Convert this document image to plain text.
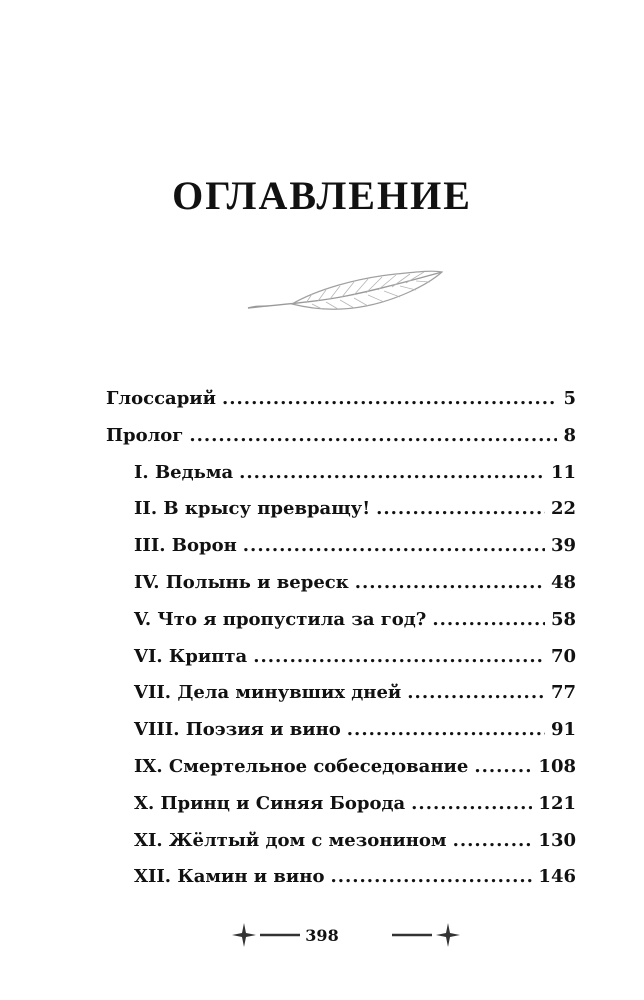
ОГЛАВЛЕНИЕ
Глоссарий .....	5
Пролог .....	8
I. Ведьма .....	11
II. В крысу превращу! .....	22
III. Ворон .....	39
IV. Полынь и вереск .....	48
V. Что я пропустила за год? .....	58
VI. Крипта .....	70
VII. Дела минувших дней .....	77
VIII. Поэзия и вино .....	91
IX. Смертельное собеседование .....	108
X. Принц и Синяя Борода .....	121
XI. Жёлтый дом с мезонином .....	130
XII. Камин и вино .....	146
398
